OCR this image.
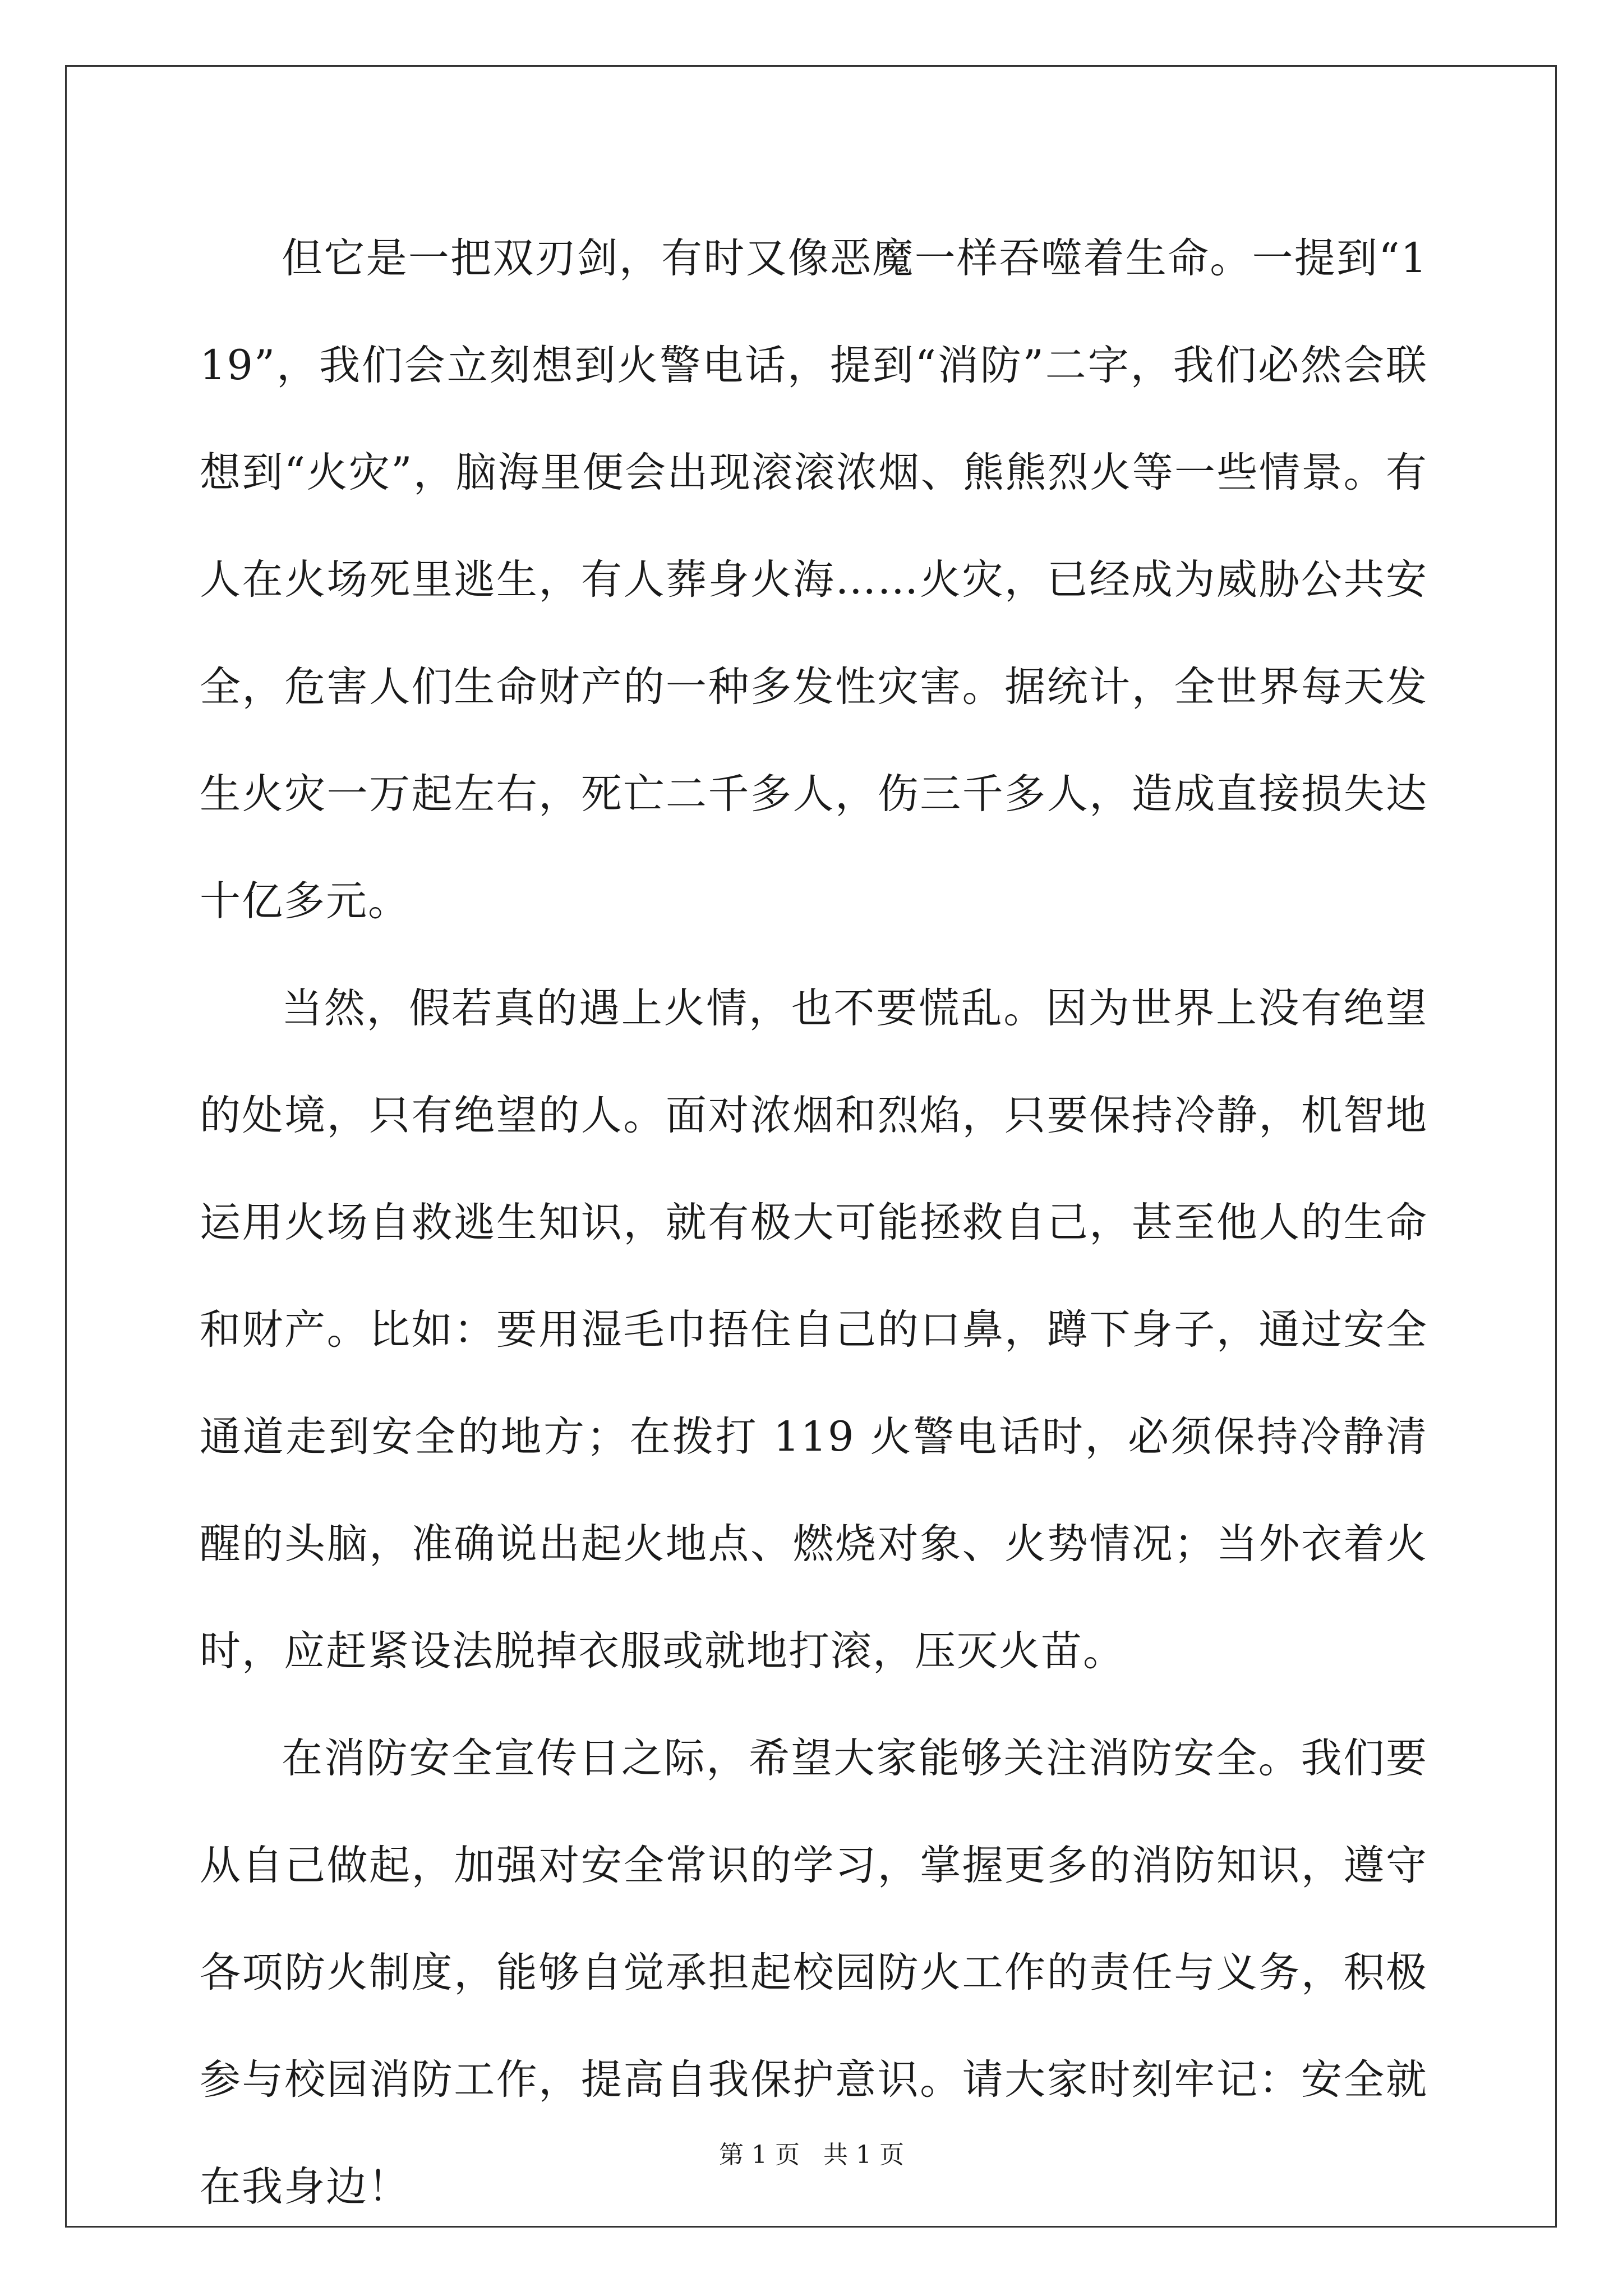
但它是一把双刃剑，有时又像恶魔一样吞噬着生命。一提到“119”，我们会立刻想到火警电话，提到“消防”二字，我们必然会联想到“火灾”，脑海里便会出现滚滚浓烟、熊熊烈火等一些情景。有人在火场死里逃生，有人葬身火海……火灾，已经成为威胁公共安全，危害人们生命财产的一种多发性灾害。据统计，全世界每天发生火灾一万起左右，死亡二千多人，伤三千多人，造成直接损失达十亿多元。

当然，假若真的遇上火情，也不要慌乱。因为世界上没有绝望的处境，只有绝望的人。面对浓烟和烈焰，只要保持冷静，机智地运用火场自救逃生知识，就有极大可能拯救自己，甚至他人的生命和财产。比如：要用湿毛巾捂住自己的口鼻，蹲下身子，通过安全通道走到安全的地方；在拨打 119 火警电话时，必须保持冷静清醒的头脑，准确说出起火地点、燃烧对象、火势情况；当外衣着火时，应赶紧设法脱掉衣服或就地打滚，压灭火苗。

在消防安全宣传日之际，希望大家能够关注消防安全。我们要从自己做起，加强对安全常识的学习，掌握更多的消防知识，遵守各项防火制度，能够自觉承担起校园防火工作的责任与义务，积极参与校园消防工作，提高自我保护意识。请大家时刻牢记：安全就在我身边！

第 1 页   共 1 页
